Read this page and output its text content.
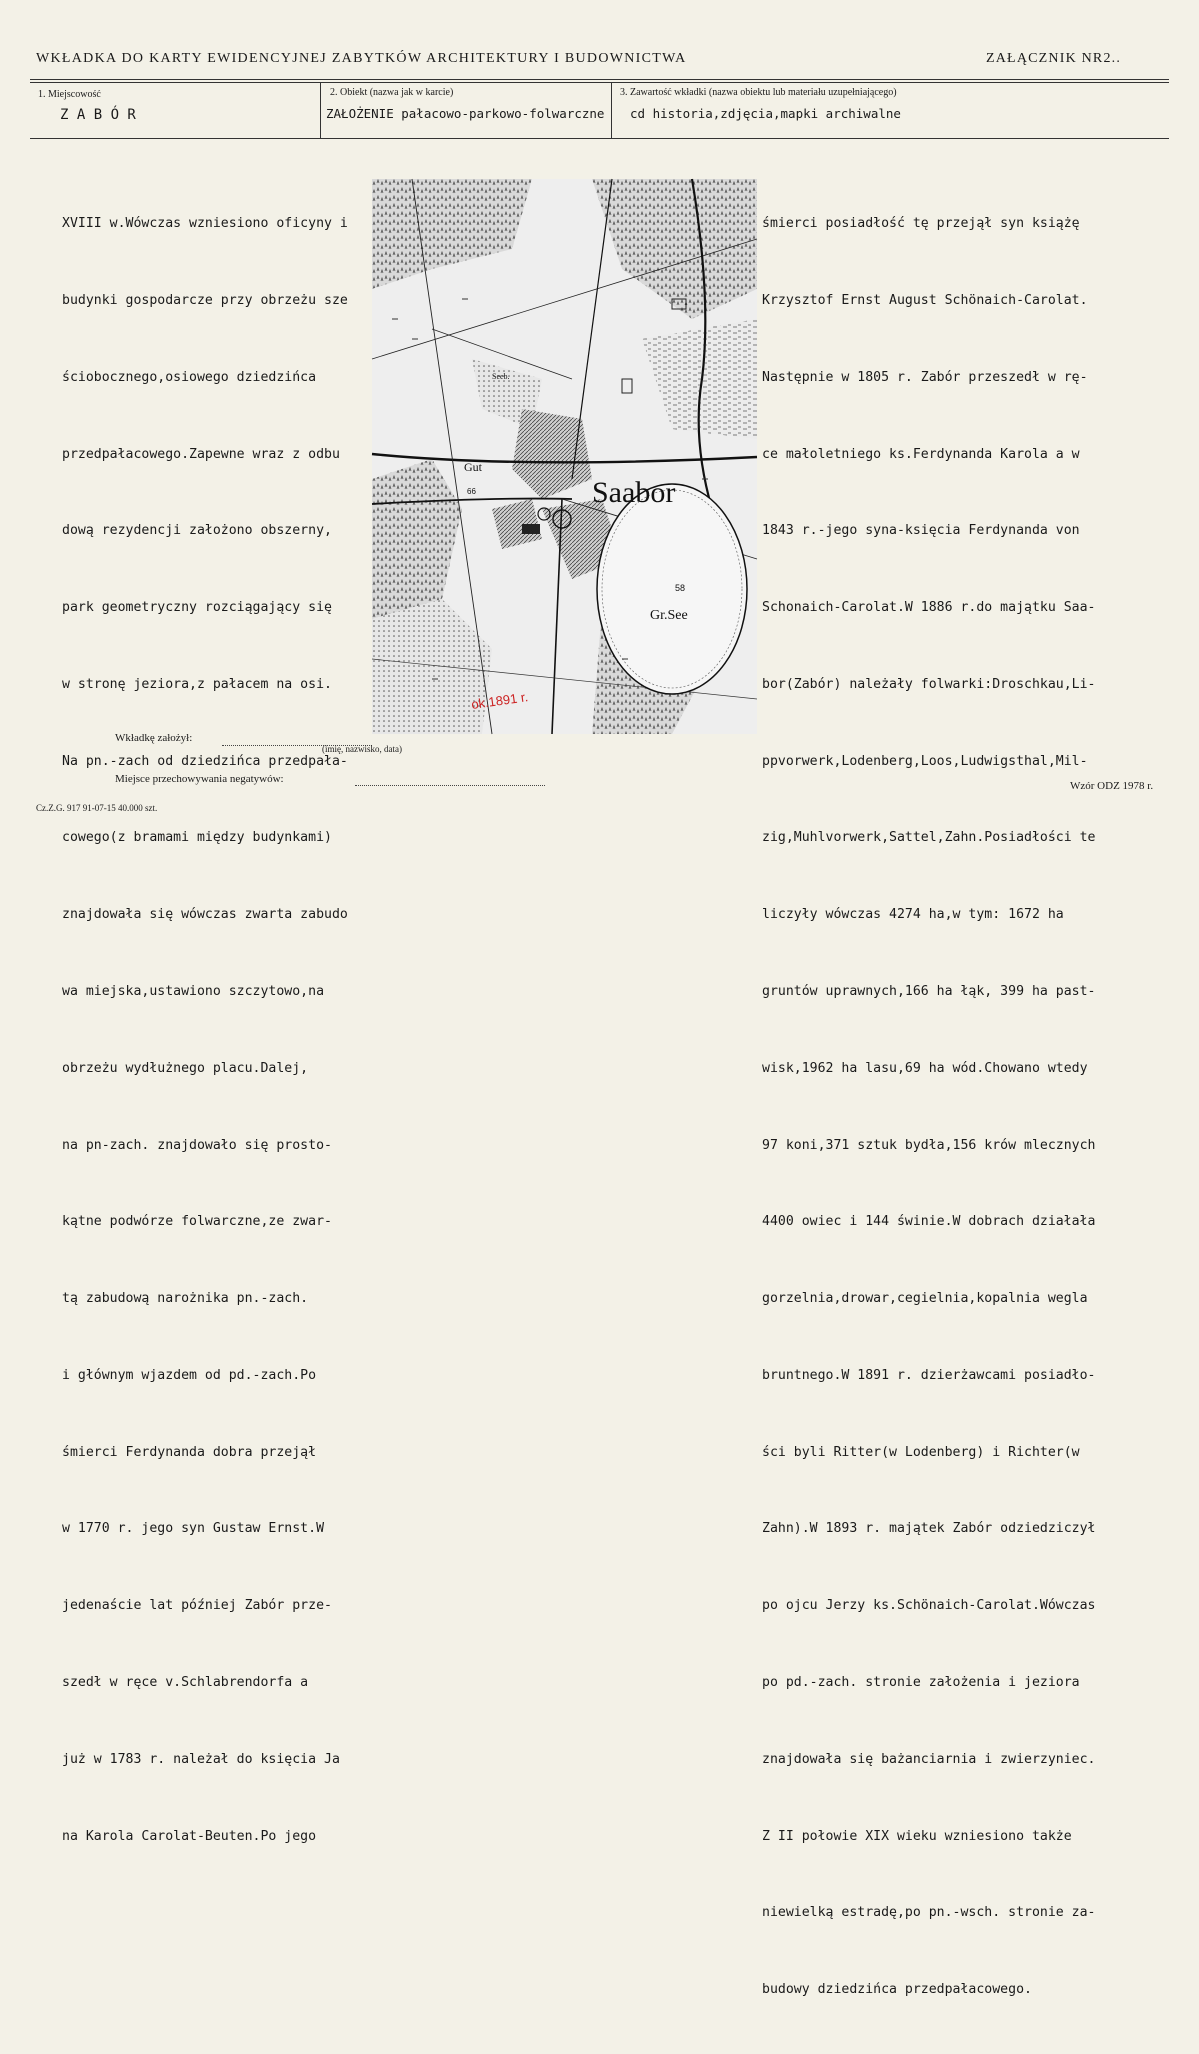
WKŁADKA DO KARTY EWIDENCYJNEJ ZABYTKÓW ARCHITEKTURY I BUDOWNICTWA	ZAŁĄCZNIK NR2..
1. Miejscowość
Z A B Ó R
2. Obiekt (nazwa jak w karcie)
ZAŁOŻENIE pałacowo-parkowo-folwarczne
3. Zawartość wkładki (nazwa obiektu lub materiału uzupełniającego)
cd historia,zdjęcia,mapki archiwalne

XVIII w.Wówczas wzniesiono oficyny i

budynki gospodarcze przy obrzeżu sze

ściobocznego,osiowego dziedzińca

przedpałacowego.Zapewne wraz z odbu

dową rezydencji założono obszerny,

park geometryczny rozciągający się

w stronę jeziora,z pałacem na osi.

Na pn.-zach od dziedzińca przedpała-

cowego(z bramami między budynkami)

znajdowała się wówczas zwarta zabudo

wa miejska,ustawiono szczytowo,na

obrzeżu wydłużnego placu.Dalej,

na pn-zach. znajdowało się prosto-

kątne podwórze folwarczne,ze zwar-

tą zabudową narożnika pn.-zach.

i głównym wjazdem od pd.-zach.Po

śmierci Ferdynanda dobra przejął

w 1770 r. jego syn Gustaw Ernst.W

jedenaście lat później Zabór prze-

szedł w ręce v.Schlabrendorfa a

już w 1783 r. należał do księcia Ja

na Karola Carolat-Beuten.Po jego

śmierci posiadłość tę przejął syn książę

Krzysztof Ernst August Schönaich-Carolat.

Następnie w 1805 r. Zabór przeszedł w rę-

ce małoletniego ks.Ferdynanda Karola a w

1843 r.-jego syna-księcia Ferdynanda von

Schonaich-Carolat.W 1886 r.do majątku Saa-

bor(Zabór) należały folwarki:Droschkau,Li-

ppvorwerk,Lodenberg,Loos,Ludwigsthal,Mil-

zig,Muhlvorwerk,Sattel,Zahn.Posiadłości te

liczyły wówczas 4274 ha,w tym: 1672 ha

gruntów uprawnych,166 ha łąk, 399 ha past-

wisk,1962 ha lasu,69 ha wód.Chowano wtedy

97 koni,371 sztuk bydła,156 krów mlecznych

4400 owiec i 144 świnie.W dobrach działała

gorzelnia,drowar,cegielnia,kopalnia wegla

bruntnego.W 1891 r. dzierżawcami posiadło-

ści byli Ritter(w Lodenberg) i Richter(w

Zahn).W 1893 r. majątek Zabór odziedziczył

po ojcu Jerzy ks.Schönaich-Carolat.Wówczas

po pd.-zach. stronie założenia i jeziora

znajdowała się bażanciarnia i zwierzyniec.

Z II połowie XIX wieku wzniesiono także

niewielką estradę,po pn.-wsch. stronie za-

budowy dziedzińca przedpałacowego.

Saabor
Gr.See
58
Gut
66
Seeb.
ok.1891 r.
Wkładkę założył:
(imię, nazwisko, data)
Miejsce przechowywania negatywów:
Cz.Z.G. 917 91-07-15 40.000 szt.
Wzór ODZ 1978 r.
